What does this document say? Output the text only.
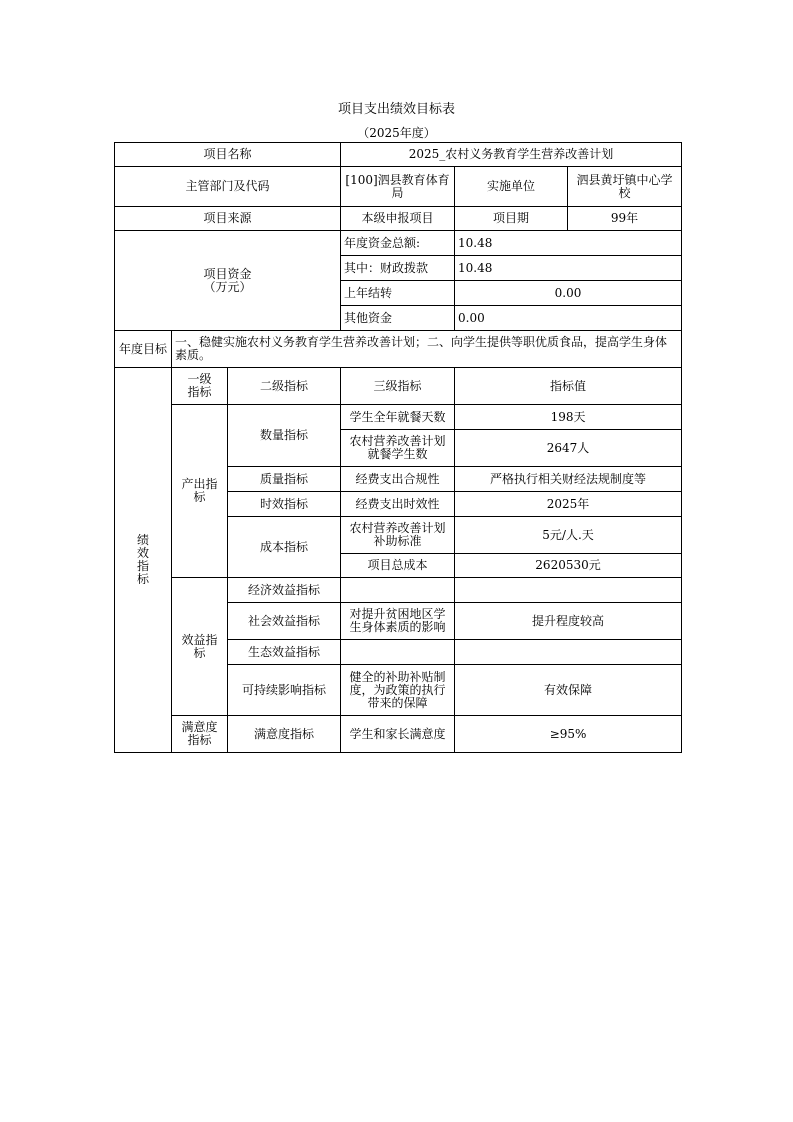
项目支出绩效目标表
（2025年度）
项目名称			2025_农村义务教育学生营养改善计划		
主管部门及代码			[100]泗县教育体育局	实施单位	泗县黄圩镇中心学校
项目来源			本级申报项目	项目期	99年

项目资金
（万元）			年度资金总额:	10.48	
			其中：财政拨款	10.48	
			上年结转	0.00	
			其他资金	0.00	
年度目标	一、稳健实施农村义务教育学生营养改善计划；二、向学生提供等职优质食品，提高学生身体素质。				

绩效指标	一级指标	二级指标	三级指标	指标值	

	产出指标	数量指标	学生全年就餐天数	198天	
			农村营养改善计划就餐学生数	2647人	
		质量指标	经费支出合规性	严格执行相关财经法规制度等	
		时效指标	经费支出时效性	2025年	
		成本指标	农村营养改善计划补助标准	5元/人.天	
			项目总成本	2620530元	

	效益指标	经济效益指标			
		社会效益指标	对提升贫困地区学生身体素质的影响	提升程度较高	
		生态效益指标			
		可持续影响指标	健全的补助补贴制度，为政策的执行带来的保障	有效保障	

	满意度指标	满意度指标	学生和家长满意度	≥95%	
